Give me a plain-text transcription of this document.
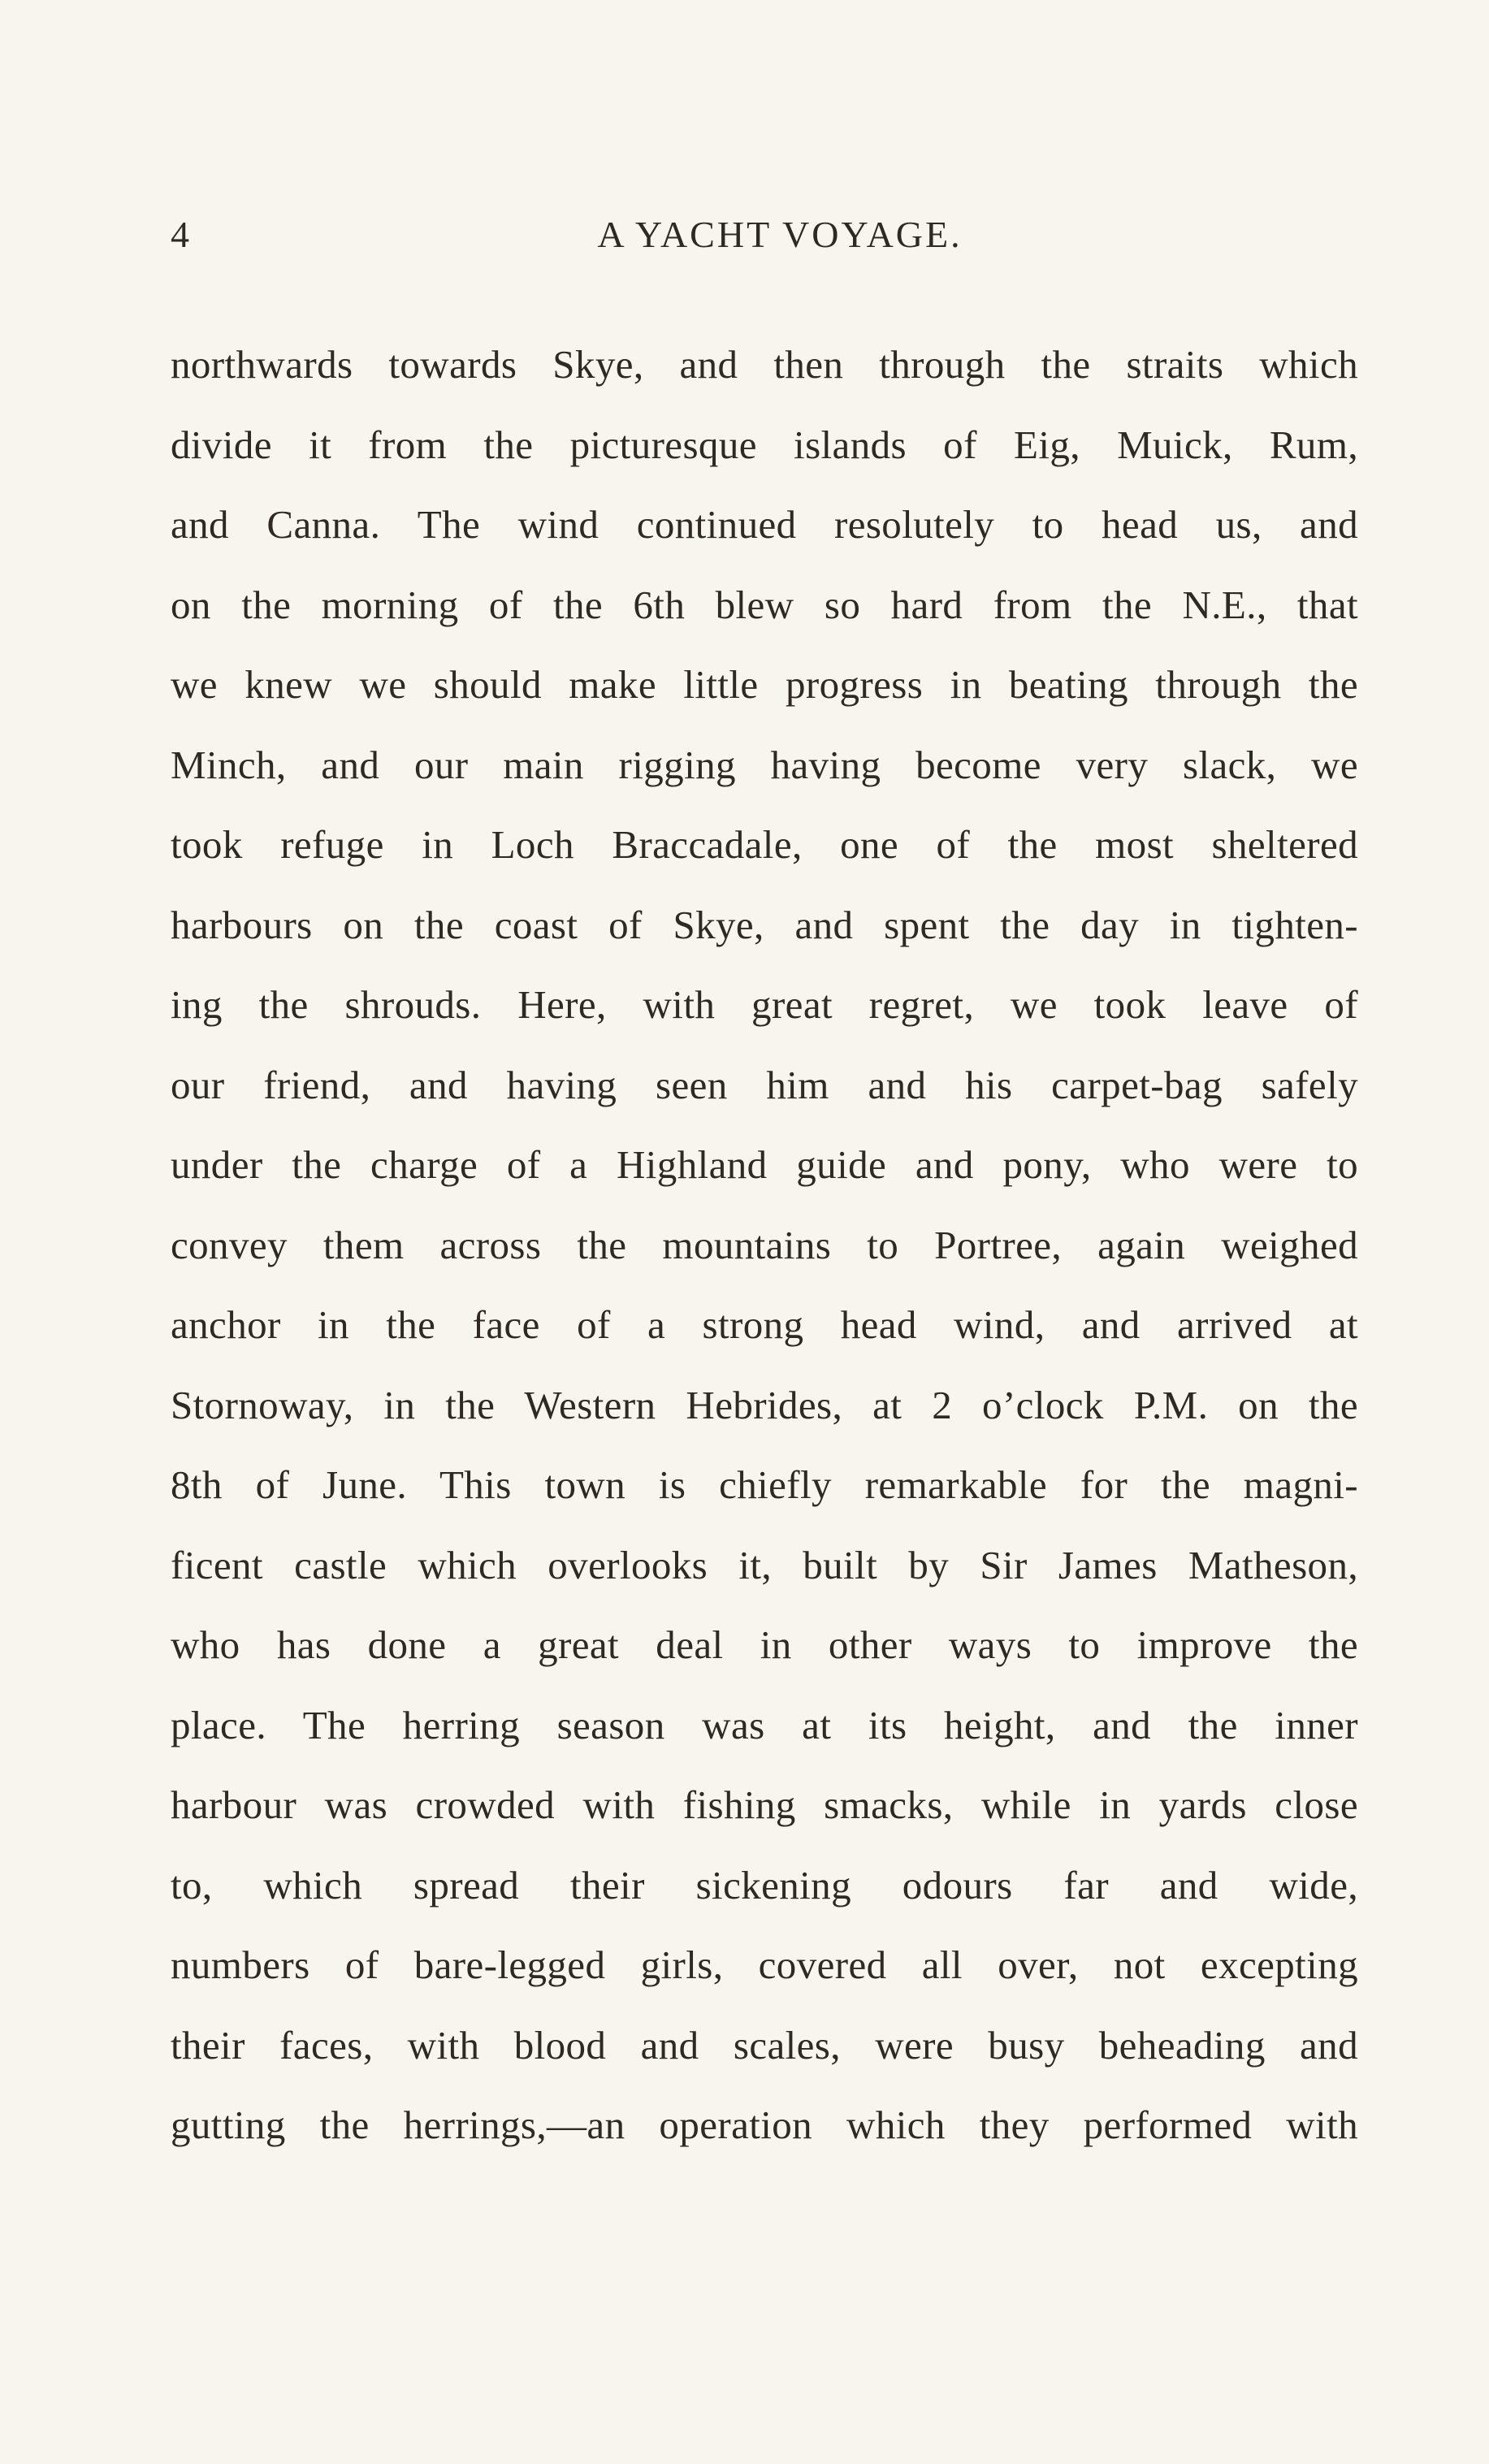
4	A YACHT VOYAGE.
northwards towards Skye, and then through the straits which
divide it from the picturesque islands of Eig, Muick, Rum,
and Canna. The wind continued resolutely to head us, and
on the morning of the 6th blew so hard from the N.E., that
we knew we should make little progress in beating through the
Minch, and our main rigging having become very slack, we
took refuge in Loch Braccadale, one of the most sheltered
harbours on the coast of Skye, and spent the day in tighten-
ing the shrouds. Here, with great regret, we took leave of
our friend, and having seen him and his carpet-bag safely
under the charge of a Highland guide and pony, who were to
convey them across the mountains to Portree, again weighed
anchor in the face of a strong head wind, and arrived at
Stornoway, in the Western Hebrides, at 2 o’clock P.M. on the
8th of June. This town is chiefly remarkable for the magni-
ficent castle which overlooks it, built by Sir James Matheson,
who has done a great deal in other ways to improve the
place. The herring season was at its height, and the inner
harbour was crowded with fishing smacks, while in yards close
to, which spread their sickening odours far and wide,
numbers of bare-legged girls, covered all over, not excepting
their faces, with blood and scales, were busy beheading and
gutting the herrings,—an operation which they performed with
